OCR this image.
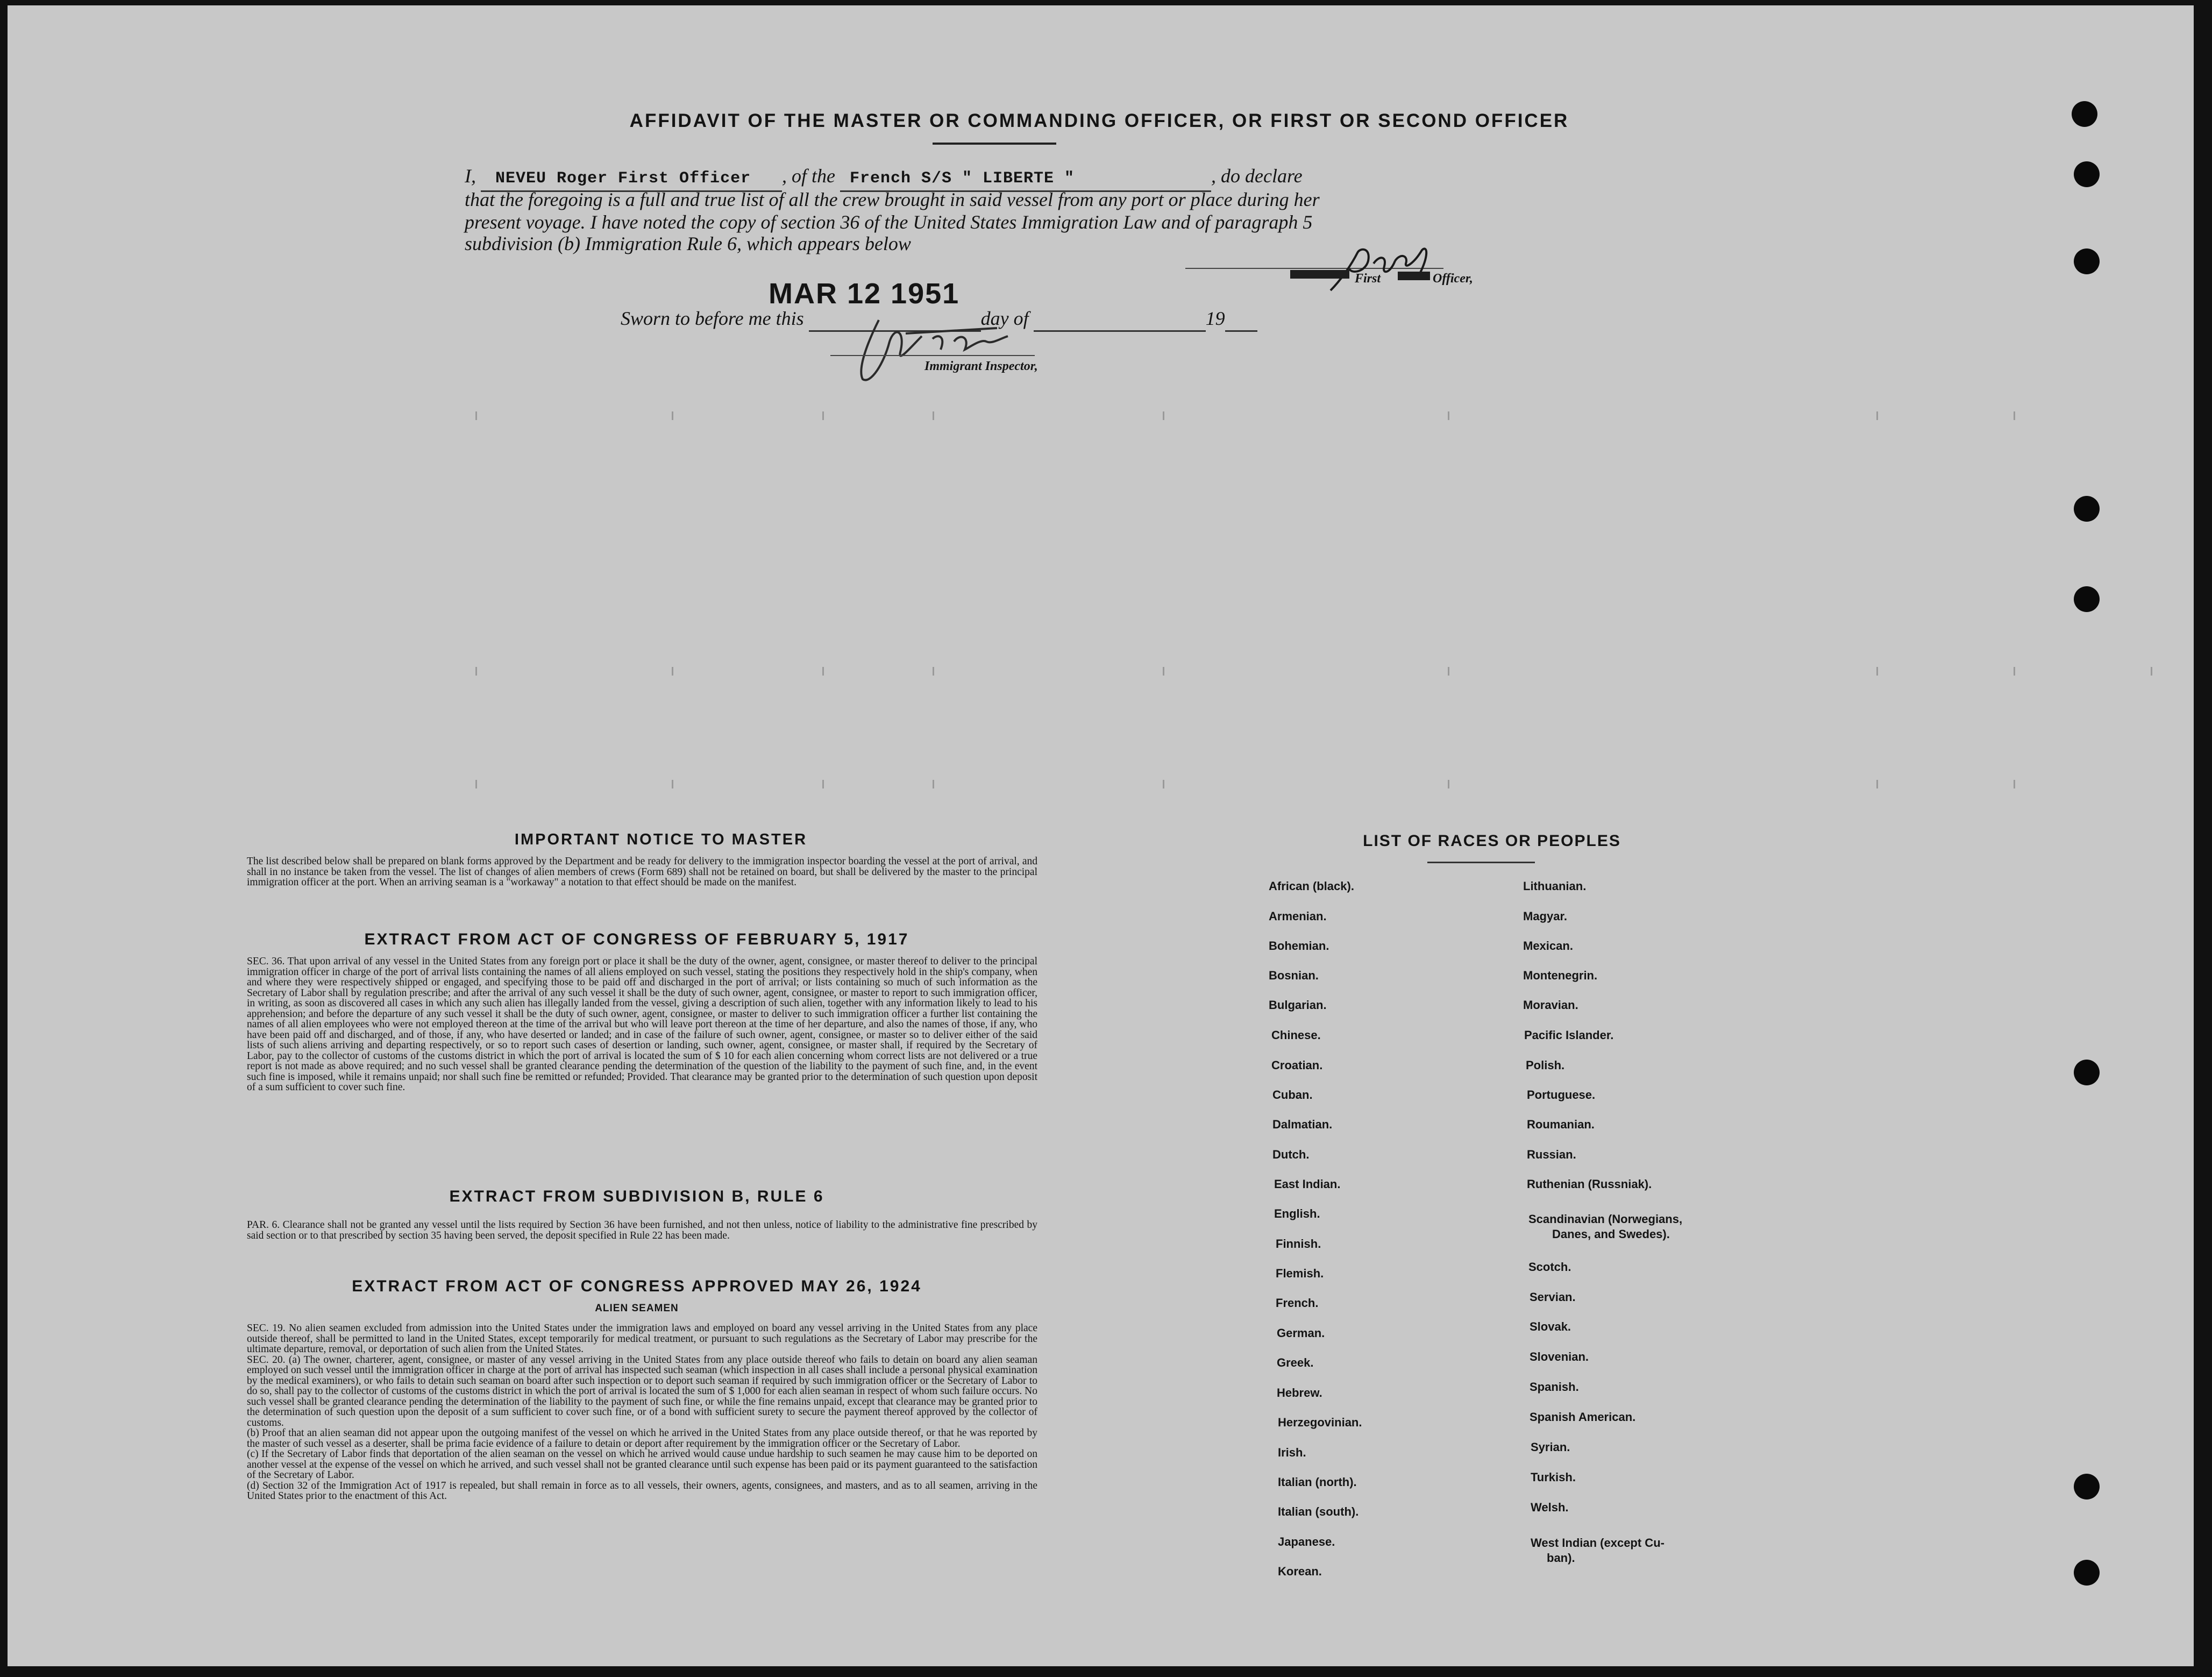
AFFIDAVIT OF THE MASTER OR COMMANDING OFFICER, OR FIRST OR SECOND OFFICER
I, NEVEU Roger First Officer , of the French S/S " LIBERTE "	, do declare
that the foregoing is a full and true list of all the crew brought in said vessel from any port or place during her
present voyage. I have noted the copy of section 36 of the United States Immigration Law and of paragraph 5
subdivision (b) Immigration Rule 6, which appears below
First	Officer,
MAR 12 1951
Sworn to before me this	day of	19
Immigrant Inspector,
IMPORTANT NOTICE TO MASTER
The list described below shall be prepared on blank forms approved by the Department and be ready for delivery to the immigration inspector boarding the vessel at the port of arrival, and shall in no instance be taken from the vessel. The list of changes of alien members of crews (Form 689) shall not be retained on board, but shall be delivered by the master to the principal immigration officer at the port. When an arriving seaman is a "workaway" a notation to that effect should be made on the manifest.
EXTRACT FROM ACT OF CONGRESS OF FEBRUARY 5, 1917
SEC. 36. That upon arrival of any vessel in the United States from any foreign port or place it shall be the duty of the owner, agent, consignee, or master thereof to deliver to the principal immigration officer in charge of the port of arrival lists containing the names of all aliens employed on such vessel, stating the positions they respectively hold in the ship's company, when and where they were respectively shipped or engaged, and specifying those to be paid off and discharged in the port of arrival; or lists containing so much of such information as the Secretary of Labor shall by regulation prescribe; and after the arrival of any such vessel it shall be the duty of such owner, agent, consignee, or master to report to such immigration officer, in writing, as soon as discovered all cases in which any such alien has illegally landed from the vessel, giving a description of such alien, together with any information likely to lead to his apprehension; and before the departure of any such vessel it shall be the duty of such owner, agent, consignee, or master to deliver to such immigration officer a further list containing the names of all alien employees who were not employed thereon at the time of the arrival but who will leave port thereon at the time of her departure, and also the names of those, if any, who have been paid off and discharged, and of those, if any, who have deserted or landed; and in case of the failure of such owner, agent, consignee, or master so to deliver either of the said lists of such aliens arriving and departing respectively, or so to report such cases of desertion or landing, such owner, agent, consignee, or master shall, if required by the Secretary of Labor, pay to the collector of customs of the customs district in which the port of arrival is located the sum of $ 10 for each alien concerning whom correct lists are not delivered or a true report is not made as above required; and no such vessel shall be granted clearance pending the determination of the question of the liability to the payment of such fine, and, in the event such fine is imposed, while it remains unpaid; nor shall such fine be remitted or refunded; Provided. That clearance may be granted prior to the determination of such question upon deposit of a sum sufficient to cover such fine.
EXTRACT FROM SUBDIVISION B, RULE 6
PAR. 6. Clearance shall not be granted any vessel until the lists required by Section 36 have been furnished, and not then unless, notice of liability to the administrative fine prescribed by said section or to that prescribed by section 35 having been served, the deposit specified in Rule 22 has been made.
EXTRACT FROM ACT OF CONGRESS APPROVED MAY 26, 1924
ALIEN SEAMEN
SEC. 19. No alien seamen excluded from admission into the United States under the immigration laws and employed on board any vessel arriving in the United States from any place outside thereof, shall be permitted to land in the United States, except temporarily for medical treatment, or pursuant to such regulations as the Secretary of Labor may prescribe for the ultimate departure, removal, or deportation of such alien from the United States.
SEC. 20. (a) The owner, charterer, agent, consignee, or master of any vessel arriving in the United States from any place outside thereof who fails to detain on board any alien seaman employed on such vessel until the immigration officer in charge at the port of arrival has inspected such seaman (which inspection in all cases shall include a personal physical examination by the medical examiners), or who fails to detain such seaman on board after such inspection or to deport such seaman if required by such immigration officer or the Secretary of Labor to do so, shall pay to the collector of customs of the customs district in which the port of arrival is located the sum of $ 1,000 for each alien seaman in respect of whom such failure occurs. No such vessel shall be granted clearance pending the determination of the liability to the payment of such fine, or while the fine remains unpaid, except that clearance may be granted prior to the determination of such question upon the deposit of a sum sufficient to cover such fine, or of a bond with sufficient surety to secure the payment thereof approved by the collector of customs.
(b) Proof that an alien seaman did not appear upon the outgoing manifest of the vessel on which he arrived in the United States from any place outside thereof, or that he was reported by the master of such vessel as a deserter, shall be prima facie evidence of a failure to detain or deport after requirement by the immigration officer or the Secretary of Labor.
(c) If the Secretary of Labor finds that deportation of the alien seaman on the vessel on which he arrived would cause undue hardship to such seamen he may cause him to be deported on another vessel at the expense of the vessel on which he arrived, and such vessel shall not be granted clearance until such expense has been paid or its payment guaranteed to the satisfaction of the Secretary of Labor.
(d) Section 32 of the Immigration Act of 1917 is repealed, but shall remain in force as to all vessels, their owners, agents, consignees, and masters, and as to all seamen, arriving in the United States prior to the enactment of this Act.
LIST OF RACES OR PEOPLES
African (black).
Armenian.
Bohemian.
Bosnian.
Bulgarian.
Chinese.
Croatian.
Cuban.
Dalmatian.
Dutch.
East Indian.
English.
Finnish.
Flemish.
French.
German.
Greek.
Hebrew.
Herzegovinian.
Irish.
Italian (north).
Italian (south).
Japanese.
Korean.
Lithuanian.
Magyar.
Mexican.
Montenegrin.
Moravian.
Pacific Islander.
Polish.
Portuguese.
Roumanian.
Russian.
Ruthenian (Russniak).
Scandinavian (Norwegians,
Danes, and Swedes).
Scotch.
Servian.
Slovak.
Slovenian.
Spanish.
Spanish American.
Syrian.
Turkish.
Welsh.
West Indian (except Cu-
ban).
